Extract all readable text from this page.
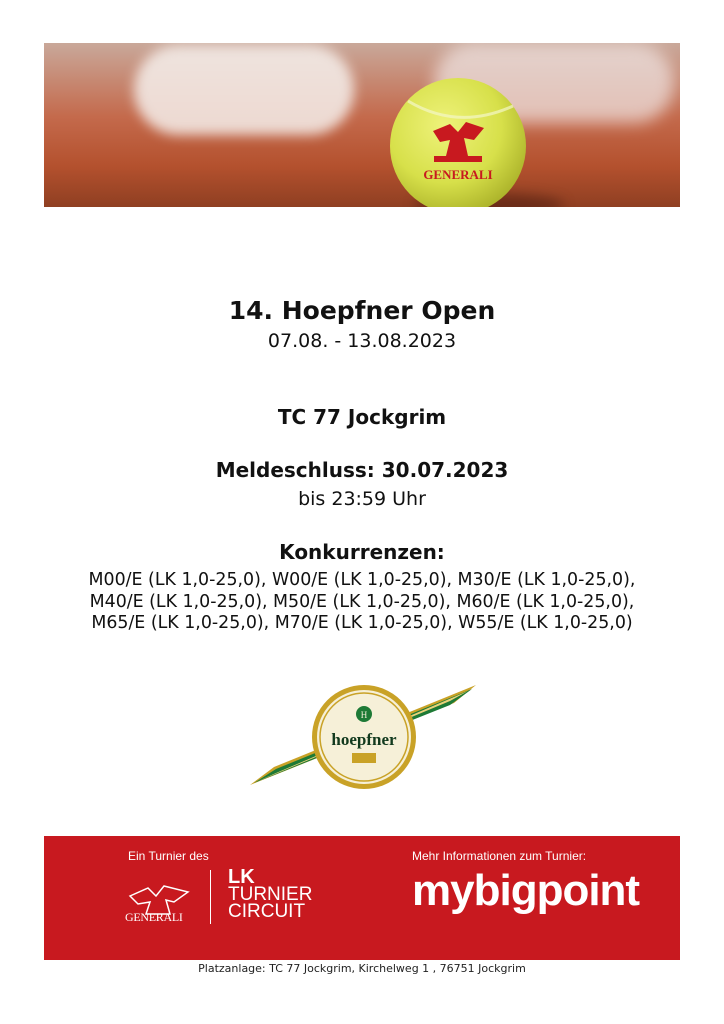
GENERALI
14. Hoepfner Open
07.08. - 13.08.2023
TC 77 Jockgrim
Meldeschluss: 30.07.2023
bis 23:59 Uhr
Konkurrenzen:
M00/E (LK 1,0-25,0), W00/E (LK 1,0-25,0), M30/E (LK 1,0-25,0),
M40/E (LK 1,0-25,0), M50/E (LK 1,0-25,0), M60/E (LK 1,0-25,0),
M65/E (LK 1,0-25,0), M70/E (LK 1,0-25,0), W55/E (LK 1,0-25,0)
H
hoepfner
Ein Turnier des
GENERALI
LK
TURNIER
CIRCUIT
Mehr Informationen zum Turnier:
mybigpoint
Platzanlage: TC 77 Jockgrim, Kirchelweg 1 , 76751 Jockgrim
